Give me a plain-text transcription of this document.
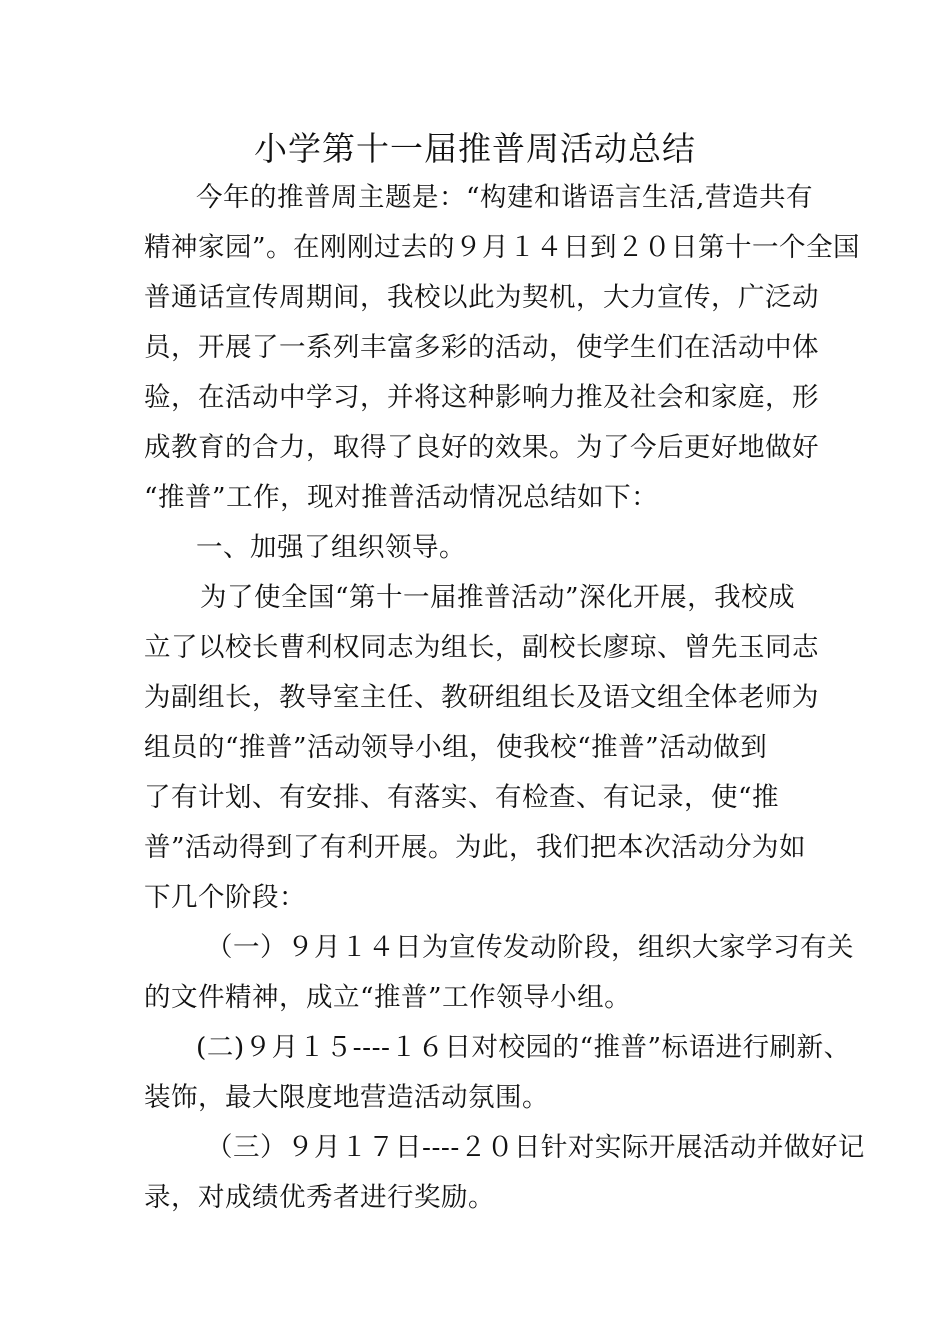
小学第十一届推普周活动总结
今年的推普周主题是：“构建和谐语言生活,营造共有
精神家园”。在刚刚过去的９月１４日到２０日第十一个全国
普通话宣传周期间，我校以此为契机，大力宣传，广泛动
员，开展了一系列丰富多彩的活动，使学生们在活动中体
验，在活动中学习，并将这种影响力推及社会和家庭，形
成教育的合力，取得了良好的效果。为了今后更好地做好
“推普”工作，现对推普活动情况总结如下：
一、加强了组织领导。
为了使全国“第十一届推普活动”深化开展，我校成
立了以校长曹利权同志为组长，副校长廖琼、曾先玉同志
为副组长，教导室主任、教研组组长及语文组全体老师为
组员的“推普”活动领导小组，使我校“推普”活动做到
了有计划、有安排、有落实、有检查、有记录，使“推
普”活动得到了有利开展。为此，我们把本次活动分为如
下几个阶段：
（一）９月１４日为宣传发动阶段，组织大家学习有关
的文件精神，成立“推普”工作领导小组。
(二)９月１５----１６日对校园的“推普”标语进行刷新、
装饰，最大限度地营造活动氛围。
（三）９月１７日----２０日针对实际开展活动并做好记
录，对成绩优秀者进行奖励。
